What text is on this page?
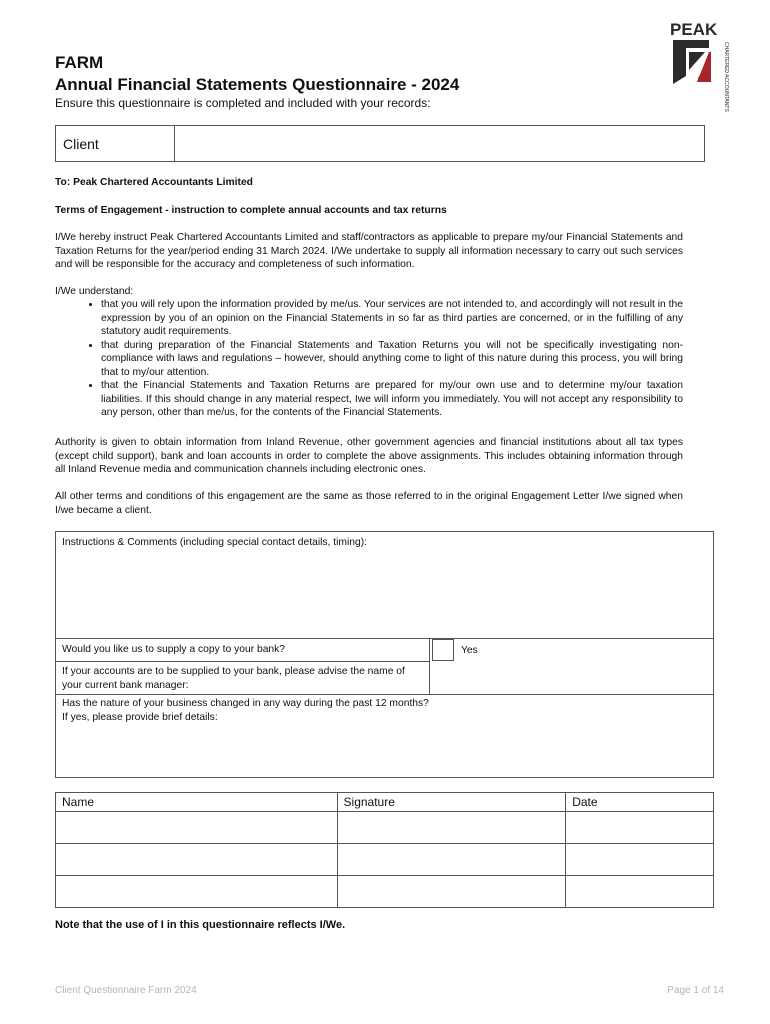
PEAK
CHARTERED ACCOUNTANTS
FARM
Annual Financial Statements Questionnaire - 2024
Ensure this questionnaire is completed and included with your records:
Client
To: Peak Chartered Accountants Limited
Terms of Engagement - instruction to complete annual accounts and tax returns
I/We hereby instruct Peak Chartered Accountants Limited and staff/contractors as applicable to prepare my/our Financial Statements and Taxation Returns for the year/period ending 31 March 2024. I/We undertake to supply all information necessary to carry out such services and will be responsible for the accuracy and completeness of such information.
I/We understand:
• that you will rely upon the information provided by me/us. Your services are not intended to, and accordingly will not result in the expression by you of an opinion on the Financial Statements in so far as third parties are concerned, or in the fulfilling of any statutory audit requirements.
• that during preparation of the Financial Statements and Taxation Returns you will not be specifically investigating non-compliance with laws and regulations – however, should anything come to light of this nature during this process, you will bring that to my/our attention.
• that the Financial Statements and Taxation Returns are prepared for my/our own use and to determine my/our taxation liabilities. If this should change in any material respect, Iwe will inform you immediately. You will not accept any responsibility to any person, other than me/us, for the contents of the Financial Statements.
Authority is given to obtain information from Inland Revenue, other government agencies and financial institutions about all tax types (except child support), bank and loan accounts in order to complete the above assignments. This includes obtaining information through all Inland Revenue media and communication channels including electronic ones.
All other terms and conditions of this engagement are the same as those referred to in the original Engagement Letter I/we signed when I/we became a client.
Instructions & Comments (including special contact details, timing):
Would you like us to supply a copy to your bank?	Yes
If your accounts are to be supplied to your bank, please advise the name of your current bank manager:
Has the nature of your business changed in any way during the past 12 months?
If yes, please provide brief details:
Name	Signature	Date

Note that the use of I in this questionnaire reflects I/We.
Client Questionnaire Farm 2024	Page 1 of 14
